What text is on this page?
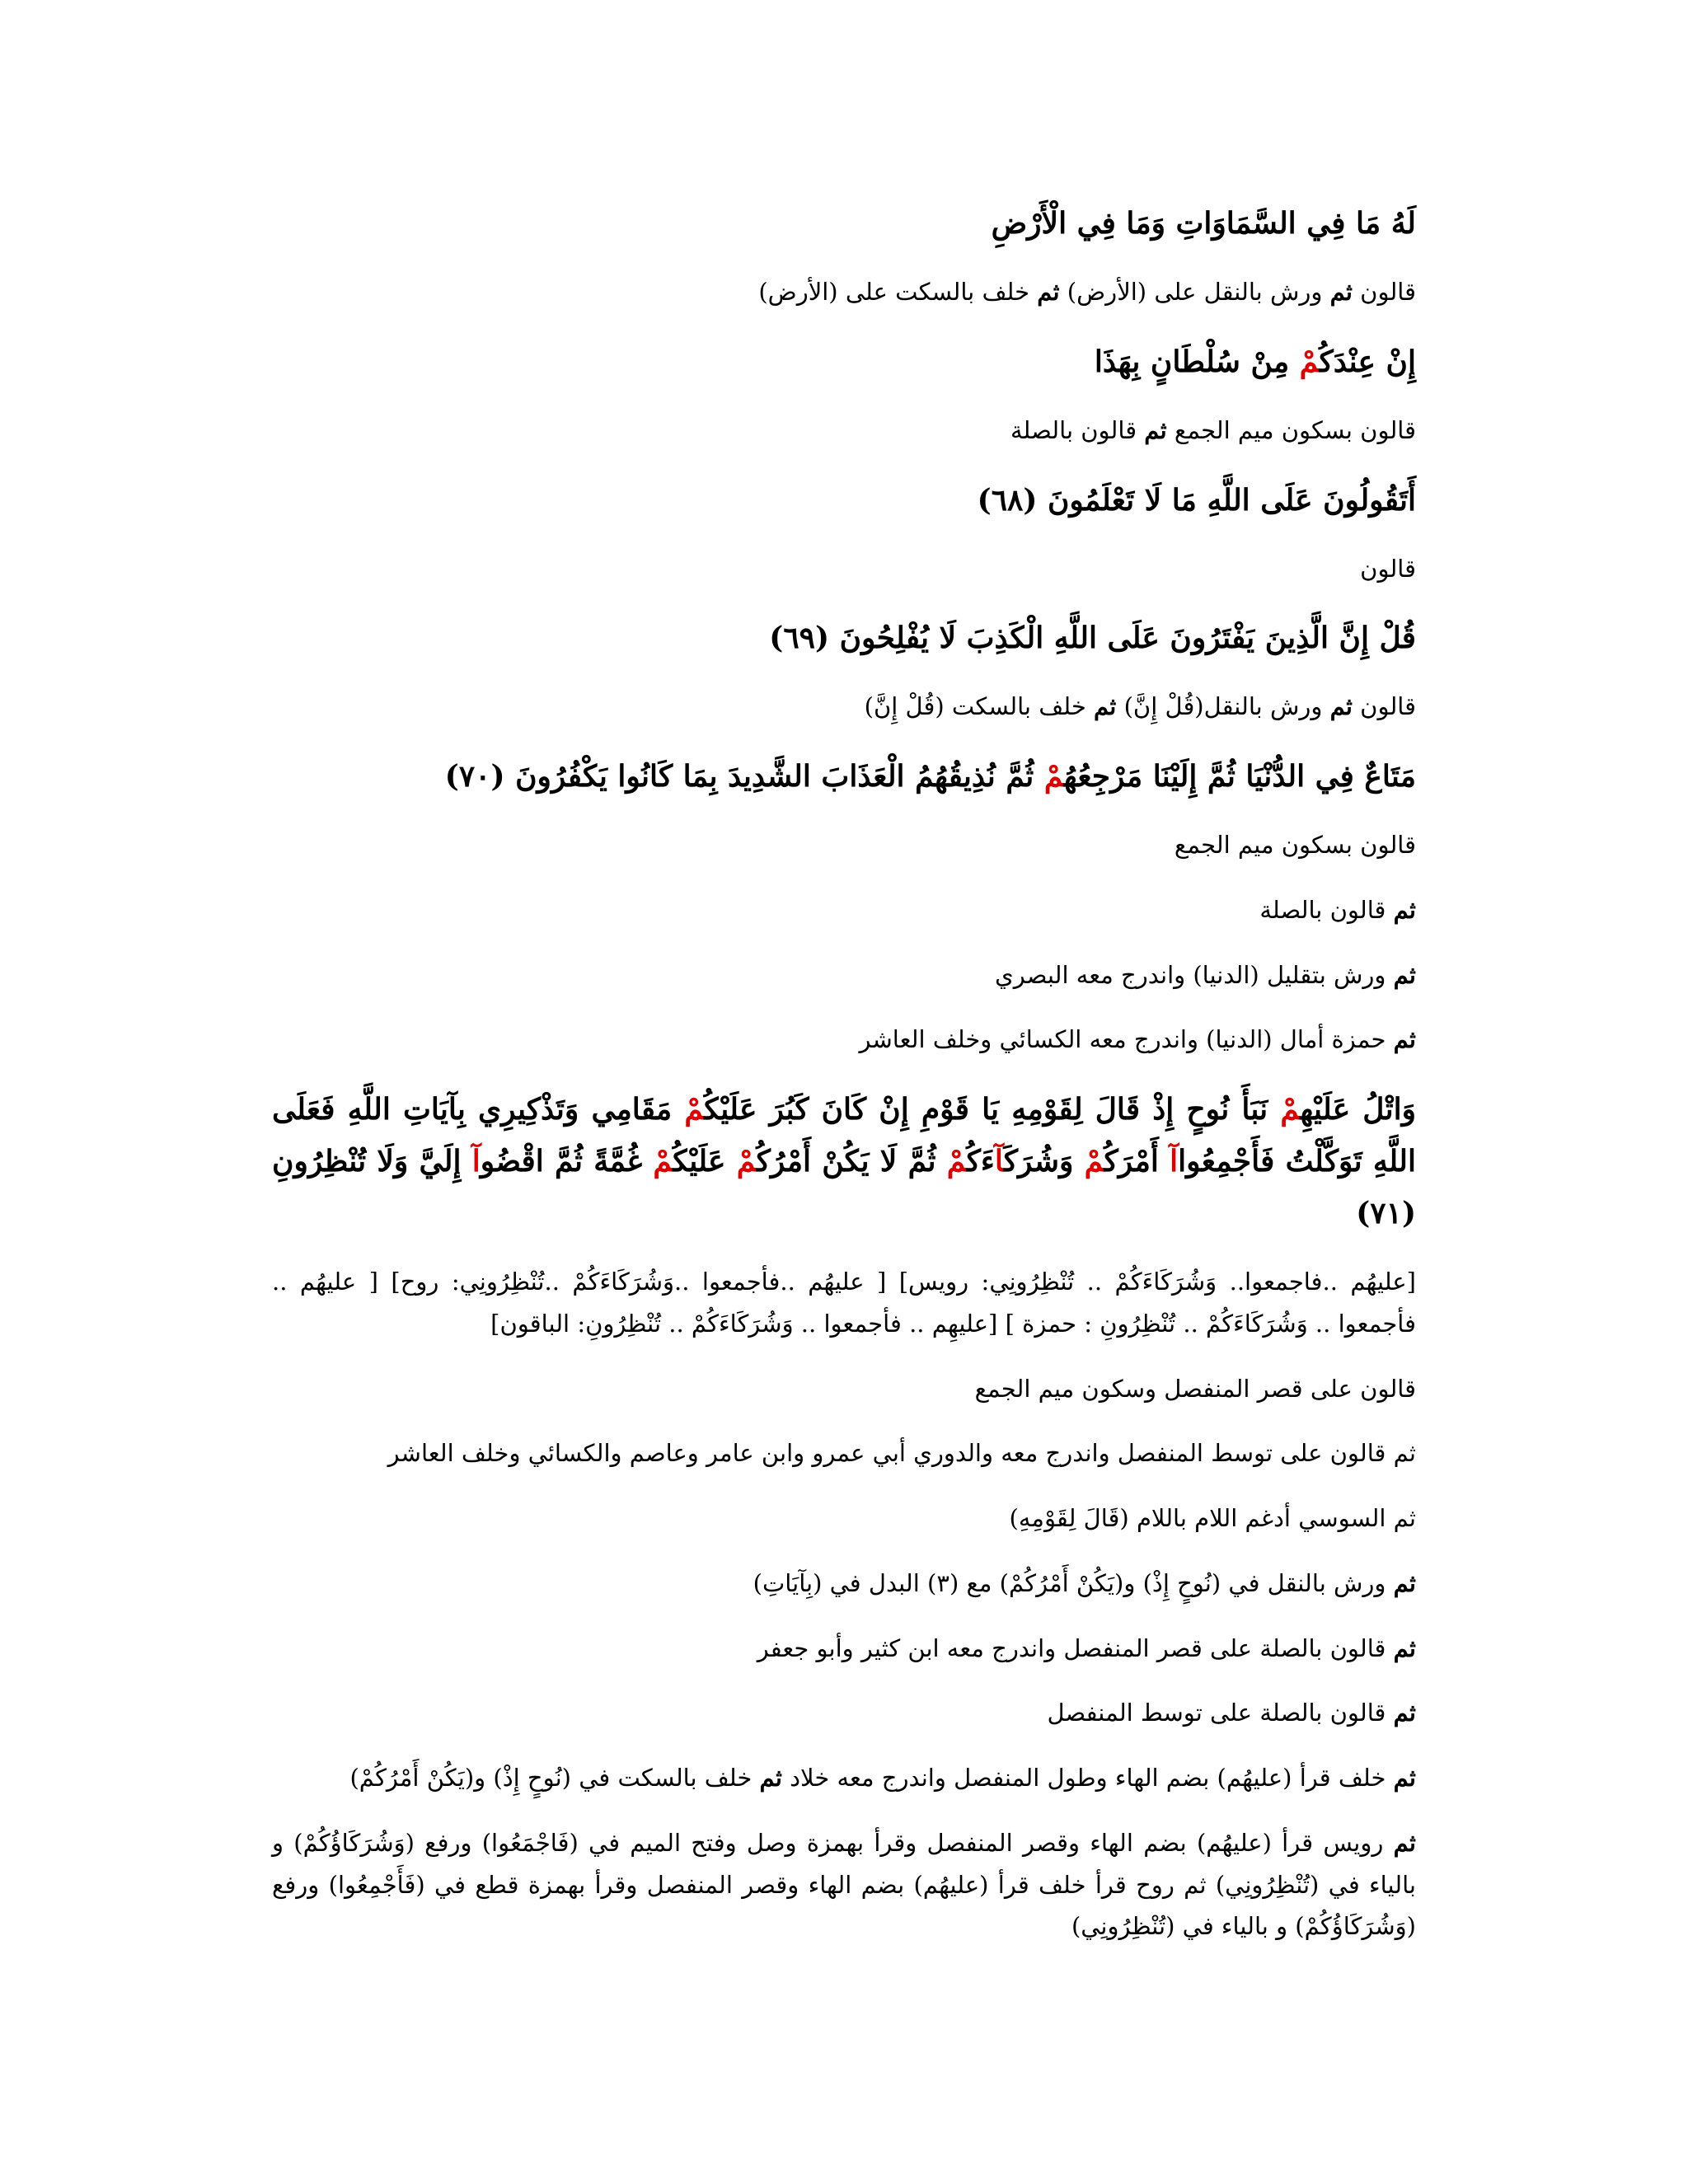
لَهُ مَا فِي السَّمَاوَاتِ وَمَا فِي الْأَرْضِ

قالون ثم ورش بالنقل على (الأرض) ثم خلف بالسكت على (الأرض)

إِنْ عِنْدَكُمْ مِنْ سُلْطَانٍ بِهَذَا

قالون بسكون ميم الجمع ثم قالون بالصلة

أَتَقُولُونَ عَلَى اللَّهِ مَا لَا تَعْلَمُونَ (٦٨)

قالون

قُلْ إِنَّ الَّذِينَ يَفْتَرُونَ عَلَى اللَّهِ الْكَذِبَ لَا يُفْلِحُونَ (٦٩)

قالون ثم ورش بالنقل(قُلْ إِنَّ) ثم خلف بالسكت (قُلْ إِنَّ)

مَتَاعٌ فِي الدُّنْيَا ثُمَّ إِلَيْنَا مَرْجِعُهُمْ ثُمَّ نُذِيقُهُمُ الْعَذَابَ الشَّدِيدَ بِمَا كَانُوا يَكْفُرُونَ (٧٠)

قالون بسكون ميم الجمع

ثم قالون بالصلة

ثم ورش بتقليل (الدنيا) واندرج معه البصري

ثم حمزة أمال (الدنيا) واندرج معه الكسائي وخلف العاشر

وَاتْلُ عَلَيْهِمْ نَبَأَ نُوحٍ إِذْ قَالَ لِقَوْمِهِ يَا قَوْمِ إِنْ كَانَ كَبُرَ عَلَيْكُمْ مَقَامِي وَتَذْكِيرِي بِآيَاتِ اللَّهِ فَعَلَى اللَّهِ تَوَكَّلْتُ فَأَجْمِعُواآ أَمْرَكُمْ وَشُرَكَآءَكُمْ ثُمَّ لَا يَكُنْ أَمْرُكُمْ عَلَيْكُمْ غُمَّةً ثُمَّ اقْضُوآ إِلَيَّ وَلَا تُنْظِرُونِ (٧١)

[عليهُم ..فاجمعوا.. وَشُرَكَاءَكُمْ .. تُنْظِرُونِي: رويس] [ عليهُم ..فأجمعوا ..وَشُرَكَاءَكُمْ ..تُنْظِرُونِي: روح] [ عليهُم .. فأجمعوا .. وَشُرَكَاءَكُمْ .. تُنْظِرُونِ : حمزة ] [عليهِم .. فأجمعوا .. وَشُرَكَاءَكُمْ .. تُنْظِرُونِ: الباقون]

قالون على قصر المنفصل وسكون ميم الجمع

ثم قالون على توسط المنفصل واندرج معه والدوري أبي عمرو وابن عامر وعاصم والكسائي وخلف العاشر

ثم السوسي أدغم اللام باللام (قَالَ لِقَوْمِهِ)

ثم ورش بالنقل في (نُوحٍ إِذْ) و(يَكُنْ أَمْرُكُمْ) مع (٣) البدل في (بِآيَاتِ)

ثم قالون بالصلة على قصر المنفصل واندرج معه ابن كثير وأبو جعفر

ثم قالون بالصلة على توسط المنفصل

ثم خلف قرأ (عليهُم) بضم الهاء وطول المنفصل واندرج معه خلاد ثم خلف بالسكت في (نُوحٍ إِذْ) و(يَكُنْ أَمْرُكُمْ)

ثم رويس قرأ (عليهُم) بضم الهاء وقصر المنفصل وقرأ بهمزة وصل وفتح الميم في (فَاجْمَعُوا) ورفع (وَشُرَكَاؤُكُمْ) و بالياء في (تُنْظِرُونِي) ثم روح قرأ خلف قرأ (عليهُم) بضم الهاء وقصر المنفصل وقرأ بهمزة قطع في (فَأَجْمِعُوا) ورفع (وَشُرَكَاؤُكُمْ) و بالياء في (تُنْظِرُونِي)
